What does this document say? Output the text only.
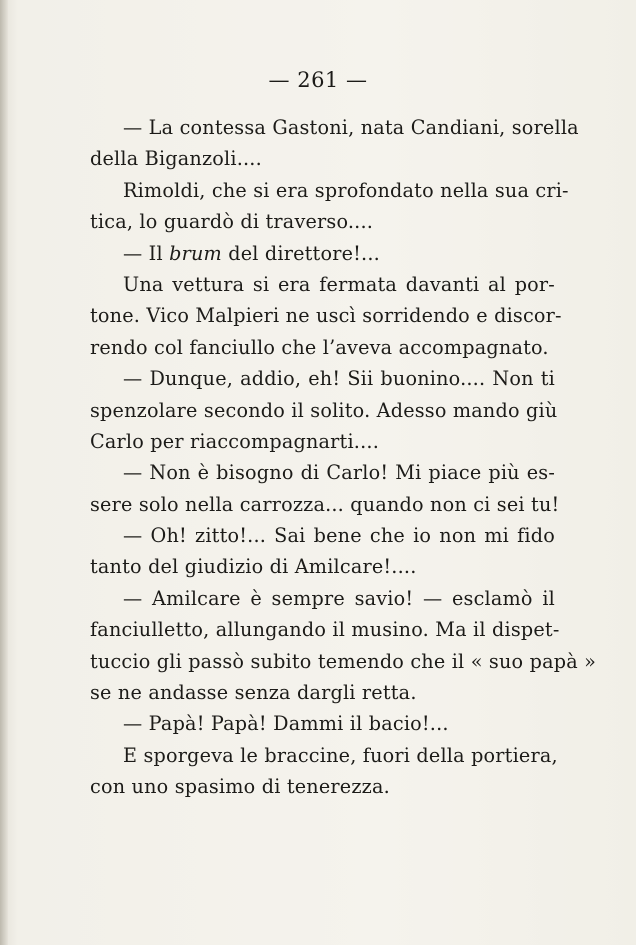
— 261 —
— La contessa Gastoni, nata Candiani, sorella
della Biganzoli....
Rimoldi, che si era sprofondato nella sua cri-
tica, lo guardò di traverso....
— Il brum del direttore!...
Una vettura si era fermata davanti al por-
tone. Vico Malpieri ne uscì sorridendo e discor-
rendo col fanciullo che l’aveva accompagnato.
— Dunque, addio, eh! Sii buonino.... Non ti
spenzolare secondo il solito. Adesso mando giù
Carlo per riaccompagnarti....
— Non è bisogno di Carlo! Mi piace più es-
sere solo nella carrozza... quando non ci sei tu!
— Oh! zitto!... Sai bene che io non mi fido
tanto del giudizio di Amilcare!....
— Amilcare è sempre savio! — esclamò il
fanciulletto, allungando il musino. Ma il dispet-
tuccio gli passò subito temendo che il « suo papà »
se ne andasse senza dargli retta.
— Papà! Papà! Dammi il bacio!...
E sporgeva le braccine, fuori della portiera,
con uno spasimo di tenerezza.
